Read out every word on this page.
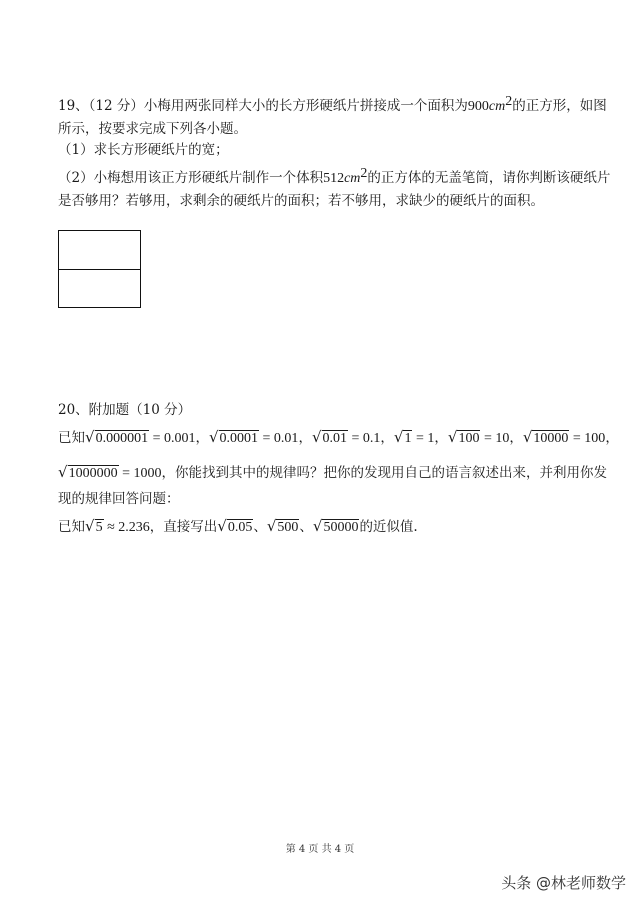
19、（12 分）小梅用两张同样大小的长方形硬纸片拼接成一个面积为$900cm^2$的正方形，如图
所示，按要求完成下列各小题。
（1）求长方形硬纸片的宽；
（2）小梅想用该正方形硬纸片制作一个体积$512cm^2$的正方体的无盖笔筒，请你判断该硬纸片
是否够用？若够用，求剩余的硬纸片的面积；若不够用，求缺少的硬纸片的面积。
20、附加题（10 分）
已知√0.000001 = 0.001，√0.0001 = 0.01，√0.01 = 0.1，√1 = 1，√100 = 10，√10000 = 100，
√1000000 = 1000，你能找到其中的规律吗？把你的发现用自己的语言叙述出来，并利用你发
现的规律回答问题：
已知√5 ≈ 2.236，直接写出√0.05、√500、√50000的近似值.
第 4 页 共 4 页
头条 @林老师数学
